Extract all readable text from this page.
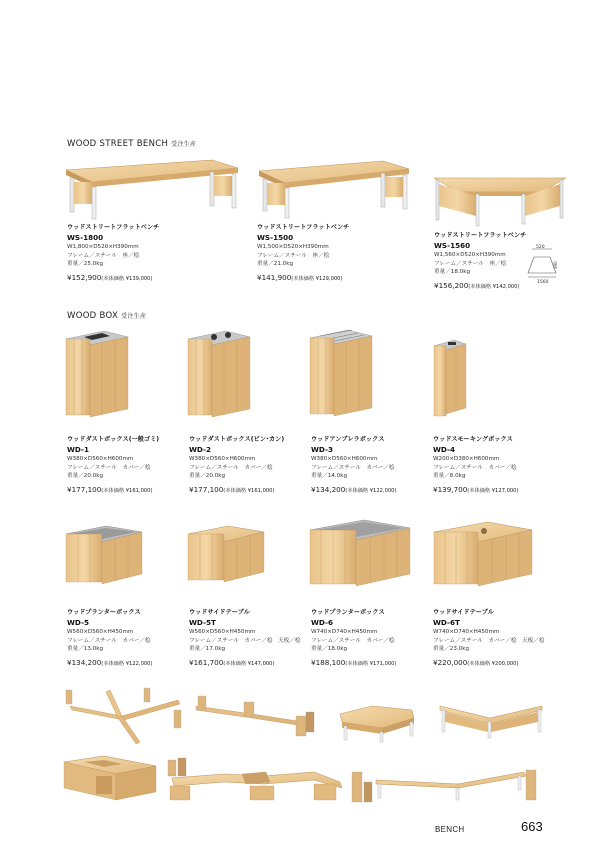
WOOD STREET BENCH 受注生産
ウッドストリートフラットベンチ
WS-1800
W1,800×D520×H390mm
フレーム／スチール　座／桧
重量／25.0kg
¥152,900(本体価格 ¥139,000)
ウッドストリートフラットベンチ
WS-1500
W1,500×D520×H390mm
フレーム／スチール　座／桧
重量／21.0kg
¥141,900(本体価格 ¥129,000)
ウッドストリートフラットベンチ
WS-1560
W1,560×D520×H390mm
フレーム／スチール　座／桧
重量／18.0kg
¥156,200(本体価格 ¥142,000)
520
1560
390
WOOD BOX 受注生産
ウッドダストボックス(一般ゴミ)
WD-1
W380×D560×H600mm
フレーム／スチール　カバー／桧
重量／20.0kg
¥177,100(本体価格 ¥161,000)
ウッドダストボックス(ビン･カン)
WD-2
W380×D560×H600mm
フレーム／スチール　カバー／桧
重量／20.0kg
¥177,100(本体価格 ¥161,000)
ウッドアンブレラボックス
WD-3
W380×D560×H600mm
フレーム／スチール　カバー／桧
重量／14.0kg
¥134,200(本体価格 ¥122,000)
ウッドスモーキングボックス
WD-4
W200×D380×H600mm
フレーム／スチール　カバー／桧
重量／8.0kg
¥139,700(本体価格 ¥127,000)
ウッドプランターボックス
WD-5
W560×D560×H450mm
フレーム／スチール　カバー／桧
重量／13.0kg
¥134,200(本体価格 ¥122,000)
ウッドサイドテーブル
WD-5T
W560×D560×H450mm
フレーム／スチール　カバー／桧　天板／桧
重量／17.0kg
¥161,700(本体価格 ¥147,000)
ウッドプランターボックス
WD-6
W740×D740×H450mm
フレーム／スチール　カバー／桧
重量／18.0kg
¥188,100(本体価格 ¥171,000)
ウッドサイドテーブル
WD-6T
W740×D740×H450mm
フレーム／スチール　カバー／桧　天板／桧
重量／23.0kg
¥220,000(本体価格 ¥200,000)
BENCH	663
